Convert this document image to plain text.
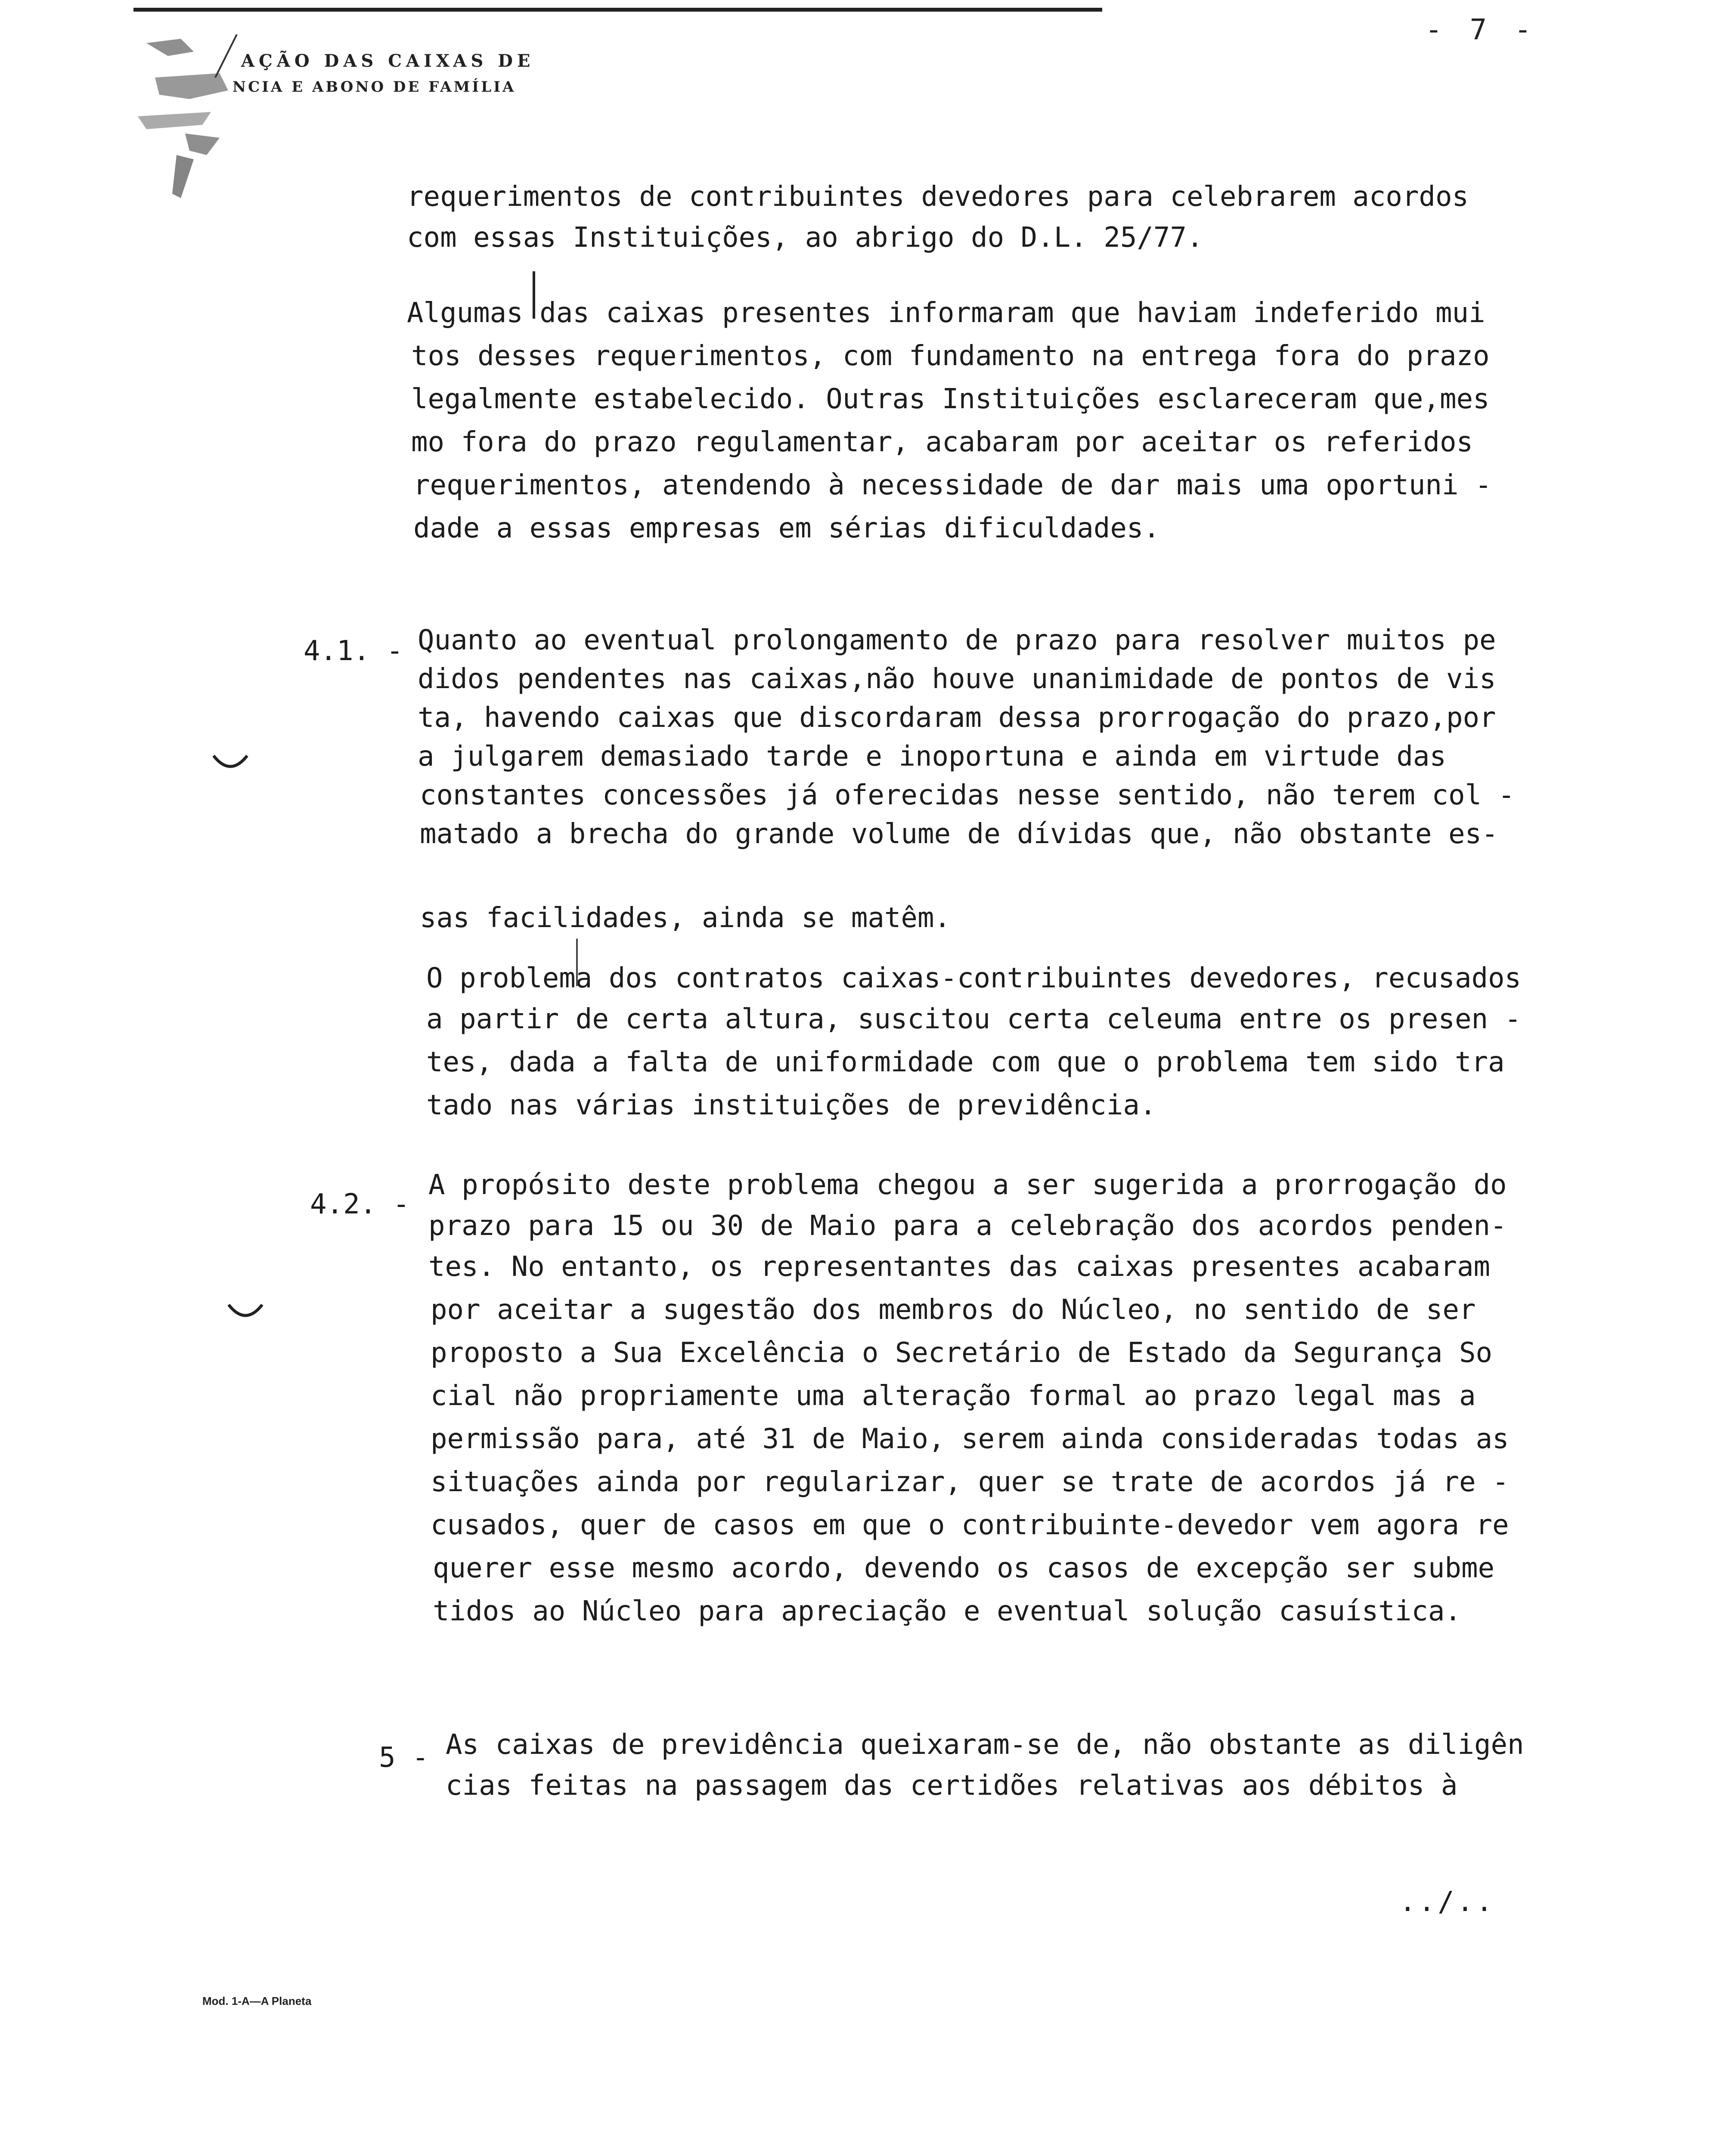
AÇÃO DAS CAIXAS DE
NCIA E ABONO DE FAMÍLIA
- 7 -
requerimentos de contribuintes devedores para celebrarem acordos
com essas Instituições, ao abrigo do D.L. 25/77.
Algumas das caixas presentes informaram que haviam indeferido mui
tos desses requerimentos, com fundamento na entrega fora do prazo
legalmente estabelecido. Outras Instituições esclareceram que,mes
mo fora do prazo regulamentar, acabaram por aceitar os referidos
requerimentos, atendendo à necessidade de dar mais uma oportuni -
dade a essas empresas em sérias dificuldades.
4.1. - Quanto ao eventual prolongamento de prazo para resolver muitos pe
didos pendentes nas caixas,não houve unanimidade de pontos de vis
ta, havendo caixas que discordaram dessa prorrogação do prazo,por
a julgarem demasiado tarde e inoportuna e ainda em virtude das
constantes concessões já oferecidas nesse sentido, não terem col -
matado a brecha do grande volume de dívidas que, não obstante es-
sas facilidades, ainda se matêm.
O problema dos contratos caixas-contribuintes devedores, recusados
a partir de certa altura, suscitou certa celeuma entre os presen -
tes, dada a falta de uniformidade com que o problema tem sido tra
tado nas várias instituições de previdência.
4.2. -
A propósito deste problema chegou a ser sugerida a prorrogação do
prazo para 15 ou 30 de Maio para a celebração dos acordos penden-
tes. No entanto, os representantes das caixas presentes acabaram
por aceitar a sugestão dos membros do Núcleo, no sentido de ser
proposto a Sua Excelência o Secretário de Estado da Segurança So
cial não propriamente uma alteração formal ao prazo legal mas a
permissão para, até 31 de Maio, serem ainda consideradas todas as
situações ainda por regularizar, quer se trate de acordos já re -
cusados, quer de casos em que o contribuinte-devedor vem agora re
querer esse mesmo acordo, devendo os casos de excepção ser subme
tidos ao Núcleo para apreciação e eventual solução casuística.
5 - As caixas de previdência queixaram-se de, não obstante as diligên
cias feitas na passagem das certidões relativas aos débitos à
../..
Mod. 1-A—A Planeta
